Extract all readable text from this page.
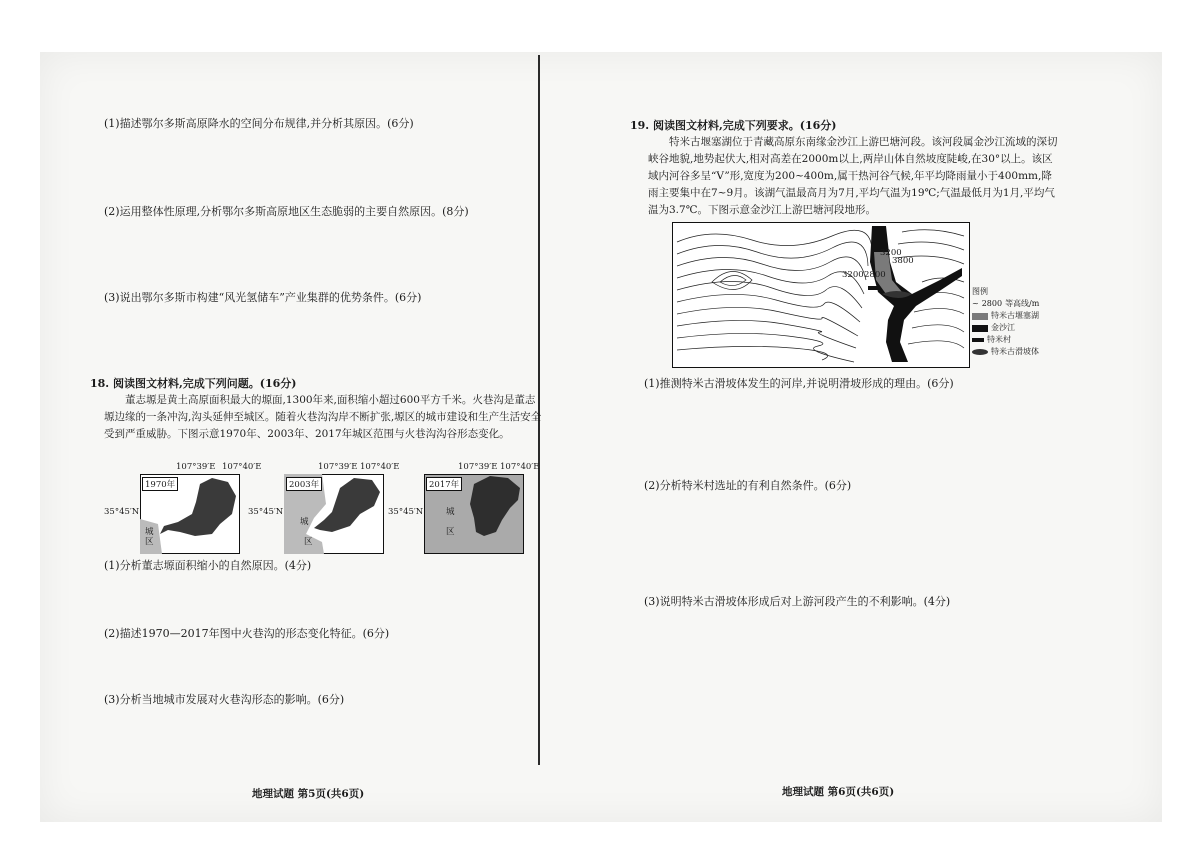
(1)描述鄂尔多斯高原降水的空间分布规律,并分析其原因。(6分)

(2)运用整体性原理,分析鄂尔多斯高原地区生态脆弱的主要自然原因。(8分)

(3)说出鄂尔多斯市构建“风光氢储车”产业集群的优势条件。(6分)

18. 阅读图文材料,完成下列问题。(16分)

董志塬是黄土高原面积最大的塬面,1300年来,面积缩小超过600平方千米。火巷沟是董志塬边缘的一条冲沟,沟头延伸至城区。随着火巷沟沟岸不断扩张,塬区的城市建设和生产生活安全受到严重威胁。下图示意1970年、2003年、2017年城区范围与火巷沟沟谷形态变化。

1970年
107°39′E 107°40′E
35°45′N
城区
2003年
107°39′E 107°40′E
35°45′N
城
区
2017年
107°39′E 107°40′E
35°45′N	城
区

(1)分析董志塬面积缩小的自然原因。(4分)

(2)描述1970—2017年图中火巷沟的形态变化特征。(6分)

(3)分析当地城市发展对火巷沟形态的影响。(6分)

地理试题 第5页(共6页)

19. 阅读图文材料,完成下列要求。(16分)

特米古堰塞湖位于青藏高原东南缘金沙江上游巴塘河段。该河段属金沙江流域的深切峡谷地貌,地势起伏大,相对高差在2000m以上,两岸山体自然坡度陡峻,在30°以上。该区域内河谷多呈“V”形,宽度为200~400m,属干热河谷气候,年平均降雨量小于400mm,降雨主要集中在7~9月。该湖气温最高月为7月,平均气温为19℃;气温最低月为1月,平均气温为3.7℃。下图示意金沙江上游巴塘河段地形。

3200
3800
3200 2800
图例
~ 2800 等高线/m
特米古堰塞湖
金沙江
特米村
特米古滑坡体

(1)推测特米古滑坡体发生的河岸,并说明滑坡形成的理由。(6分)

(2)分析特米村选址的有利自然条件。(6分)

(3)说明特米古滑坡体形成后对上游河段产生的不利影响。(4分)

地理试题 第6页(共6页)
